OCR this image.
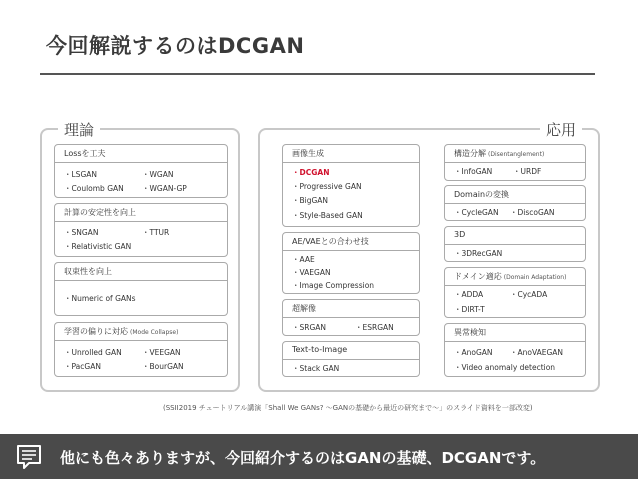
今回解説するのはDCGAN
理論
Lossを工夫
・LSGAN	・WGAN
・Coulomb GAN ・WGAN-GP
計算の安定性を向上
・SNGAN	・TTUR
・Relativistic GAN
収束性を向上
・Numeric of GANs
学習の偏りに対応 (Mode Collapse)
・Unrolled GAN	・VEEGAN
・PacGAN	・BourGAN
応用
画像生成
・DCGAN
・Progressive GAN
・BigGAN
・Style-Based GAN
AE/VAEとの合わせ技
・AAE
・VAEGAN
・Image Compression
超解像
・SRGAN	・ESRGAN
Text-to-Image
・Stack GAN
構造分解 (Disentanglement)
・InfoGAN	・URDF
Domainの変換
・CycleGAN ・DiscoGAN
3D
・3DRecGAN
ドメイン適応 (Domain Adaptation)
・ADDA	・CycADA
・DIRT-T
異常検知
・AnoGAN ・AnoVAEGAN
・Video anomaly detection
(SSII2019 チュートリアル講演「Shall We GANs? 〜GANの基礎から最近の研究まで〜」のスライド資料を一部改変)
他にも色々ありますが、今回紹介するのはGANの基礎、DCGANです。
